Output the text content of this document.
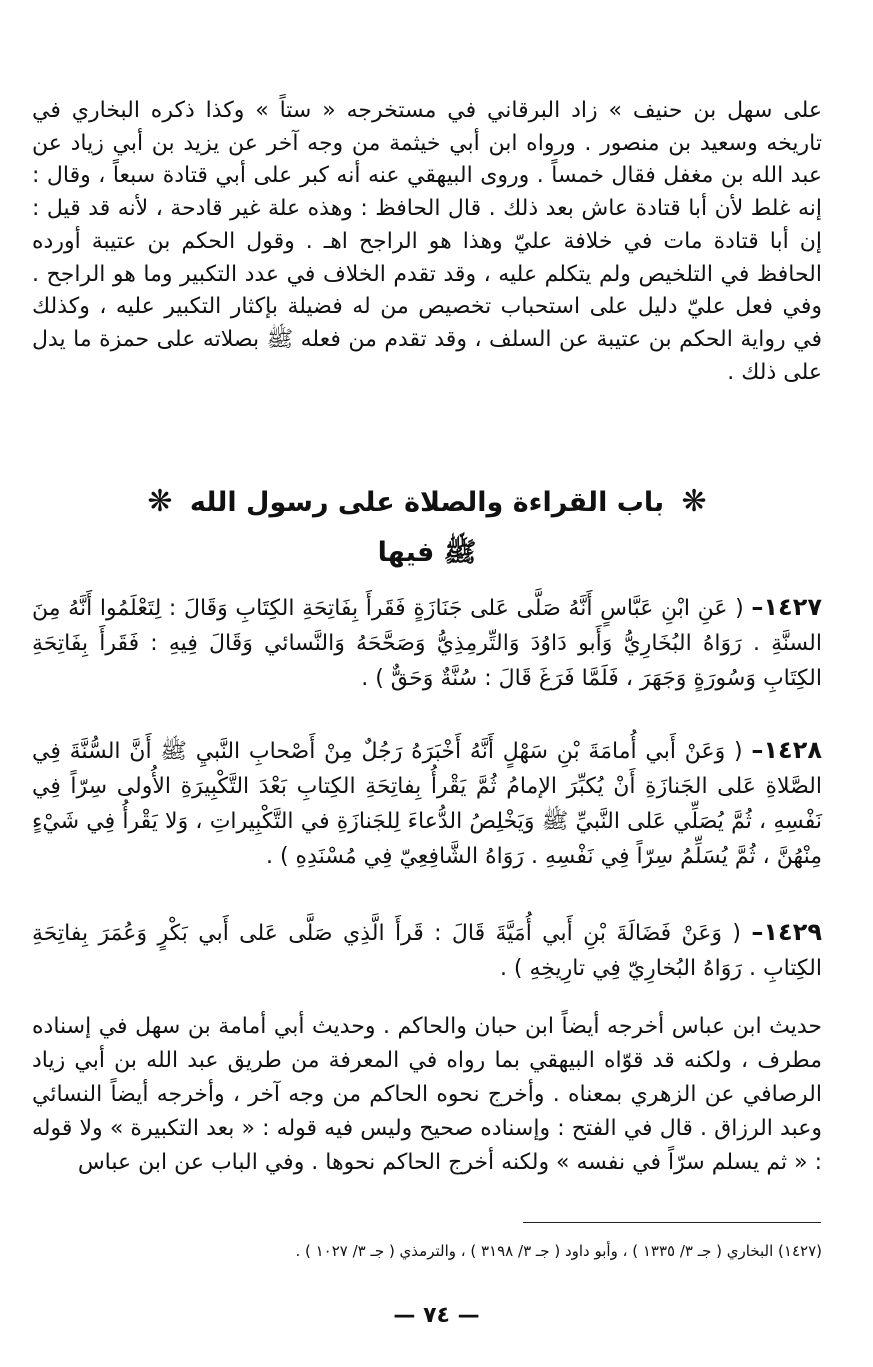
على سهل بن حنيف » زاد البرقاني في مستخرجه « ستاً » وكذا ذكره البخاري في تاريخه وسعيد بن منصور . ورواه ابن أبي خيثمة من وجه آخر عن يزيد بن أبي زياد عن عبد الله بن مغفل فقال خمساً . وروى البيهقي عنه أنه كبر على أبي قتادة سبعاً ، وقال : إنه غلط لأن أبا قتادة عاش بعد ذلك . قال الحافظ : وهذه علة غير قادحة ، لأنه قد قيل : إن أبا قتادة مات في خلافة عليّ وهذا هو الراجح اهـ . وقول الحكم بن عتيبة أورده الحافظ في التلخيص ولم يتكلم عليه ، وقد تقدم الخلاف في عدد التكبير وما هو الراجح . وفي فعل عليّ دليل على استحباب تخصيص من له فضيلة بإكثار التكبير عليه ، وكذلك في رواية الحكم بن عتيبة عن السلف ، وقد تقدم من فعله ﷺ بصلاته على حمزة ما يدل على ذلك .

❋ باب القراءة والصلاة على رسول الله ❋
ﷺ فيها
١٤٢٧– ( عَنِ ابْنِ عَبَّاسٍ أَنَّهُ صَلَّى عَلى جَنَازَةٍ فَقَرأَ بِفَاتِحَةِ الكِتَابِ وَقَالَ : لِتَعْلَمُوا أَنَّهُ مِنَ السنَّةِ . رَوَاهُ البُخَارِيُّ وَأَبو دَاوُدَ وَالتِّرمِذِيُّ وَصَحَّحَهُ وَالنَّسائي وَقَالَ فِيهِ : فَقَرأَ بِفَاتِحَةِ الكِتَابِ وَسُورَةٍ وَجَهَرَ ، فَلَمَّا فَرَغَ قَالَ : سُنَّةٌ وَحَقٌّ ) .
١٤٢٨– ( وَعَنْ أَبي أُمامَةَ بْنِ سَهْلٍ أَنَّهُ أَخْبَرَهُ رَجُلٌ مِنْ أَصْحابِ النَّبيِ ﷺ أَنَّ السُّنَّةَ فِي الصَّلاةِ عَلى الجَنازَةِ أَنْ يُكبِّرَ الإمامُ ثُمَّ يَقْرأُ بِفاتِحَةِ الكِتابِ بَعْدَ التَّكْبِيرَةِ الأُولى سِرّاً فِي نَفْسِهِ ، ثُمَّ يُصَلِّي عَلى النَّبيِّ ﷺ وَيَخْلِصُ الدُّعاءَ لِلجَنازَةِ في التَّكْبِيراتِ ، وَلا يَقْرأُ فِي شَيْءٍ مِنْهُنَّ ، ثُمَّ يُسَلِّمُ سِرّاً فِي نَفْسِهِ . رَوَاهُ الشَّافِعِيّ فِي مُسْنَدِهِ ) .
١٤٢٩– ( وَعَنْ فَضَالَةَ بْنِ أَبي أُمَيَّةَ قَالَ : قَرأَ الَّذِي صَلَّى عَلى أَبي بَكْرٍ وَعُمَرَ بِفاتِحَةِ الكِتابِ . رَوَاهُ البُخارِيّ فِي تارِيخِهِ ) .

حديث ابن عباس أخرجه أيضاً ابن حبان والحاكم . وحديث أبي أمامة بن سهل في إسناده مطرف ، ولكنه قد قوّاه البيهقي بما رواه في المعرفة من طريق عبد الله بن أبي زياد الرصافي عن الزهري بمعناه . وأخرج نحوه الحاكم من وجه آخر ، وأخرجه أيضاً النسائي وعبد الرزاق . قال في الفتح : وإسناده صحيح وليس فيه قوله : « بعد التكبيرة » ولا قوله : « ثم يسلم سرّاً في نفسه » ولكنه أخرج الحاكم نحوها . وفي الباب عن ابن عباس

(١٤٢٧) البخاري ( جـ ٣/ ١٣٣٥ ) ، وأبو داود ( جـ ٣/ ٣١٩٨ ) ، والترمذي ( جـ ٣/ ١٠٢٧ ) .
— ٧٤ —
